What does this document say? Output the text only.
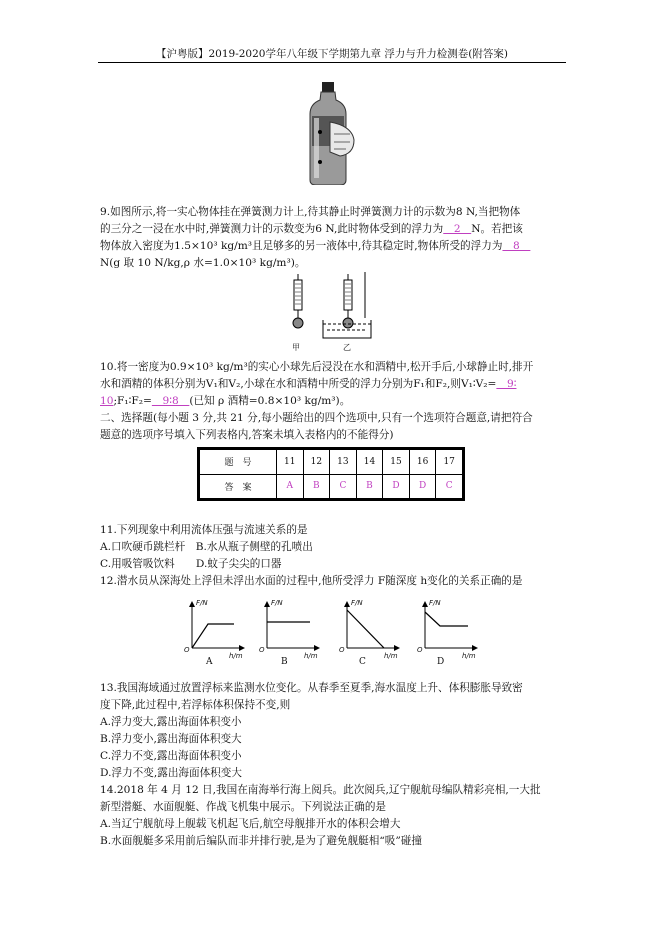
【沪粤版】2019-2020学年八年级下学期第九章 浮力与升力检测卷(附答案)
9.如图所示,将一实心物体挂在弹簧测力计上,待其静止时弹簧测力计的示数为8 N,当把物体
的三分之一浸在水中时,弹簧测力计的示数变为6 N,此时物体受到的浮力为　2　N。若把该
物体放入密度为1.5×10³ kg/m³且足够多的另一液体中,待其稳定时,物体所受的浮力为　8　
N(g 取 10 N/kg,ρ 水=1.0×10³ kg/m³)。
甲	乙
10.将一密度为0.9×10³ kg/m³的实心小球先后浸没在水和酒精中,松开手后,小球静止时,排开
水和酒精的体积分别为V₁和V₂,小球在水和酒精中所受的浮力分别为F₁和F₂,则V₁∶V₂=　9∶
10;F₁∶F₂=　9∶8　(已知 ρ 酒精=0.8×10³ kg/m³)。
二、选择题(每小题 3 分,共 21 分,每小题给出的四个选项中,只有一个选项符合题意,请把符合
题意的选项序号填入下列表格内,答案未填入表格内的不能得分)
题　号	11	12	13	14	15	16	17
答　案	A	B	C	B	D	D	C
11.下列现象中利用流体压强与流速关系的是
A.口吹硬币跳栏杆　B.水从瓶子侧壁的孔喷出
C.用吸管吸饮料　　D.蚊子尖尖的口器
12.潜水员从深海处上浮但未浮出水面的过程中,他所受浮力 F随深度 h变化的关系正确的是
F/N
h/m
O
A
F/N
h/m
O
B
F/N
h/m
O
C
F/N
h/m
O
D
13.我国海域通过放置浮标来监测水位变化。从春季至夏季,海水温度上升、体积膨胀导致密
度下降,此过程中,若浮标体积保持不变,则
A.浮力变大,露出海面体积变小
B.浮力变小,露出海面体积变大
C.浮力不变,露出海面体积变小
D.浮力不变,露出海面体积变大
14.2018 年 4 月 12 日,我国在南海举行海上阅兵。此次阅兵,辽宁舰航母编队精彩亮相,一大批
新型潜艇、水面舰艇、作战飞机集中展示。下列说法正确的是
A.当辽宁舰航母上舰载飞机起飞后,航空母舰排开水的体积会增大
B.水面舰艇多采用前后编队而非并排行驶,是为了避免舰艇相“吸”碰撞
